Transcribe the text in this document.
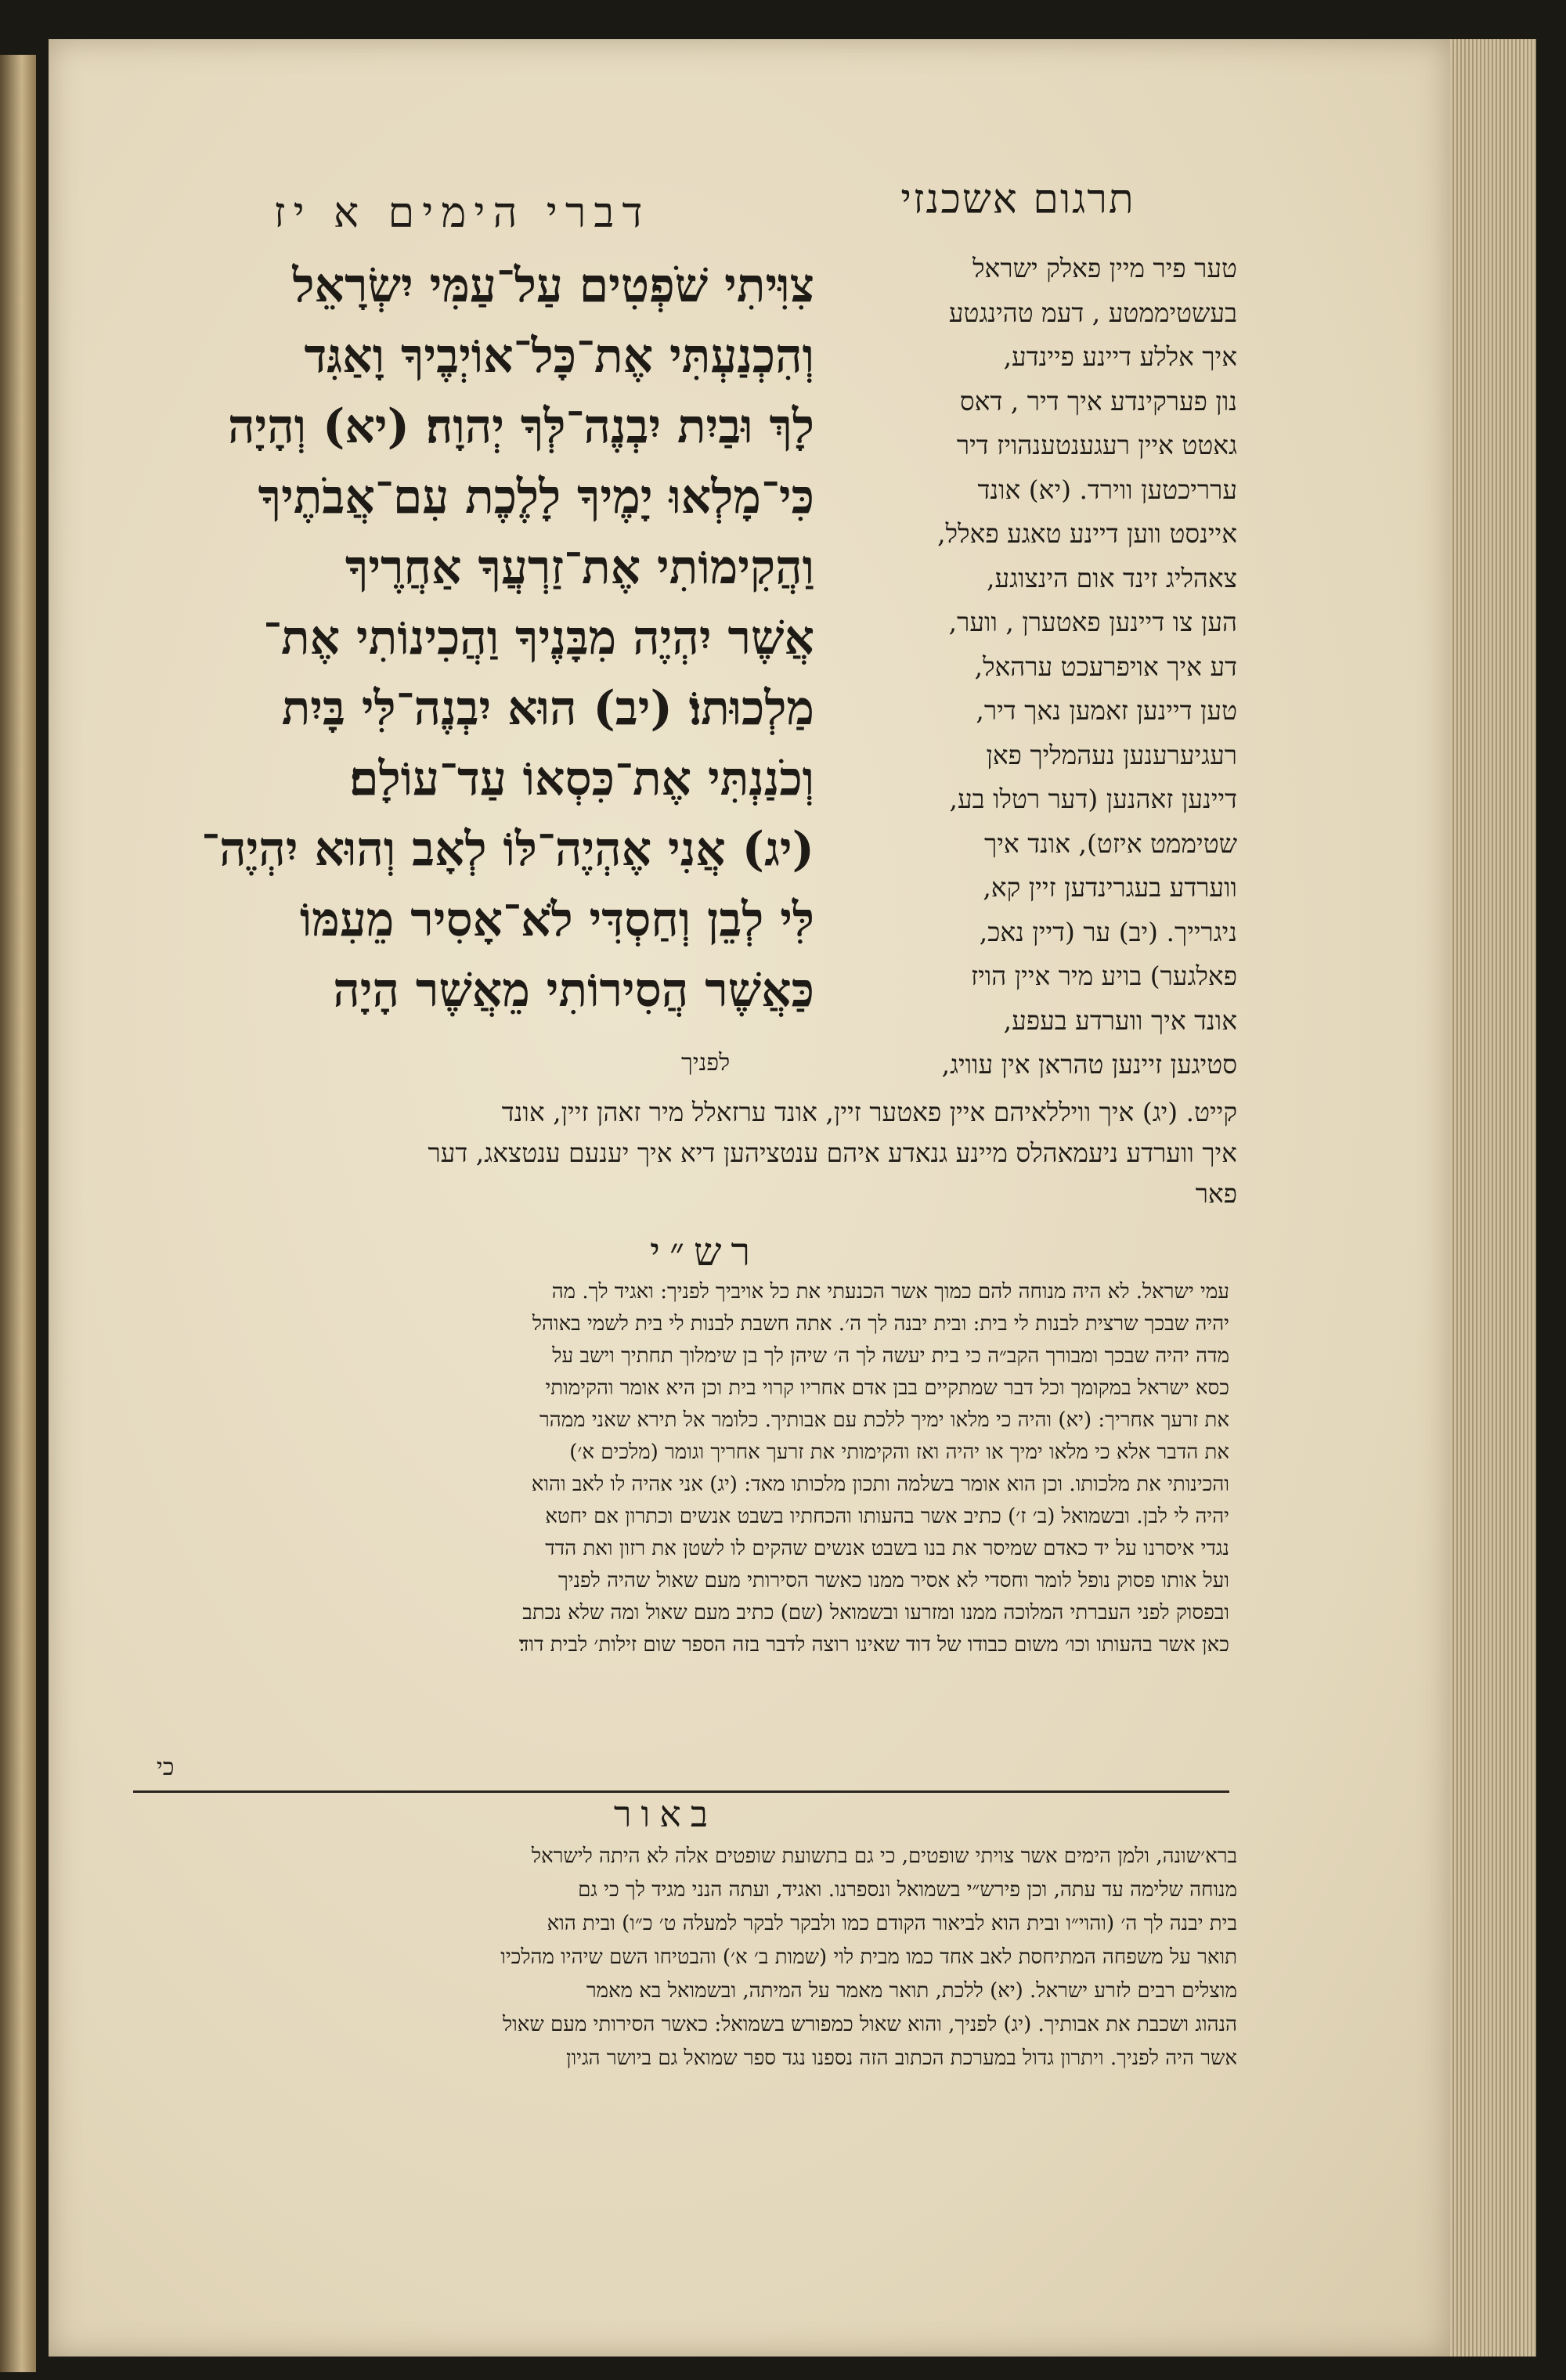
תרגום אשכנזי
דברי הימים א יז
צִוִּיתִי שֹׁפְטִים עַל־עַמִּי יִשְׂרָאֵל
וְהִכְנַעְתִּי אֶת־כָּל־אוֹיְבֶיךָ וָאַגִּד
לָךְ וּבַיִת יִבְנֶה־לְּךָ יְהוָה׃ (יא) וְהָיָה
כִּי־מָלְאוּ יָמֶיךָ לָלֶכֶת עִם־אֲבֹתֶיךָ
וַהֲקִימוֹתִי אֶת־זַרְעֲךָ אַחֲרֶיךָ
אֲשֶׁר יִהְיֶה מִבָּנֶיךָ וַהֲכִינוֹתִי אֶת־
מַלְכוּתוֹ׃ (יב) הוּא יִבְנֶה־לִּי בָּיִת
וְכֹנַנְתִּי אֶת־כִּסְאוֹ עַד־עוֹלָם׃
(יג) אֲנִי אֶהְיֶה־לּוֹ לְאָב וְהוּא יִהְיֶה־
לִּי לְבֵן וְחַסְדִּי לֹא־אָסִיר מֵעִמּוֹ
כַּאֲשֶׁר הֲסִירוֹתִי מֵאֲשֶׁר הָיָה
לפניך
טער פיר מיין פאלק ישראל
בעשטיממטע , דעמ טהינגטע
איך אללע דיינע פיינדע,
נון פערקינדע איך דיר , דאס
גאטט איין רעגענטענהויז דיר
ערריכטען ווירד. (יא) אונד
איינסט ווען דיינע טאגע פאלל,
צאהליג זינד אום הינצוגע,
הען צו דיינען פאטערן , ווער,
דע איך אויפרעכט ערהאל,
טען דיינען זאמען נאך דיר,
רעגיערענען נעהמליך פאן
דיינען זאהנען (דער רטלו בע,
שטיממט איזט), אונד איך
ווערדע בעגרינדען זיין קא,
ניגרייך. (יב) ער (דיין נאכ,
פאלגער) בויע מיר איין הויז
אונד איך ווערדע בעפע,
סטיגען זיינען טהראן אין עוויג,
קייט. (יג) איך וויללאיהם איין פאטער זיין, אונד ערזאלל מיר זאהן זיין, אונד
איך ווערדע ניעמאהלס מיינע גנאדע איהם ענטציהען דיא איך יענעם ענטצאג, דער
פאר
רש״י
עמי ישראל. לא היה מנוחה להם כמוך אשר הכנעתי את כל אויביך לפניך: ואגיד לך. מה
יהיה שבכך שרצית לבנות לי בית: ובית יבנה לך ה׳. אתה חשבת לבנות לי בית לשמי באוהל
מדה יהיה שבכך ומבורך הקב״ה כי בית יעשה לך ה׳ שיהן לך בן שימלוך תחתיך וישב על
כסא ישראל במקומך וכל דבר שמתקיים בבן אדם אחריו קרוי בית וכן היא אומר והקימותי
את זרעך אחריך: (יא) והיה כי מלאו ימיך ללכת עם אבותיך. כלומר אל תירא שאני ממהר
את הדבר אלא כי מלאו ימיך או יהיה ואז והקימותי את זרעך אחריך וגומר (מלכים א׳)
והכינותי את מלכותו. וכן הוא אומר בשלמה ותכון מלכותו מאד: (יג) אני אהיה לו לאב והוא
יהיה לי לבן. ובשמואל (ב׳ ז׳) כתיב אשר בהעותו והכחתיו בשבט אנשים וכתרון אם יחטא
נגדי איסרנו על יד כאדם שמיסר את בנו בשבט אנשים שהקים לו לשטן את רזון ואת הדד
ועל אותו פסוק נופל לומר וחסדי לא אסיר ממנו כאשר הסירותי מעם שאול שהיה לפניך
ובפסוק לפני העברתי המלוכה ממנו ומזרעו ובשמואל (שם) כתיב מעם שאול ומה שלא נכתב
כאן אשר בהעותו וכו׳ משום כבודו של דוד שאינו רוצה לדבר בזה הספר שום זילות׳ לבית דוד׃
כי
באור
ברא׳שונה, ולמן הימים אשר צויתי שופטים, כי גם בתשועת שופטים אלה לא היתה לישראל
מנוחה שלימה עד עתה, וכן פירש״י בשמואל ונספרנו. ואגיד, ועתה הנני מגיד לך כי גם
בית יבנה לך ה׳ (והוי״ו ובית הוא לביאור הקודם כמו ולבקר לבקר למעלה ט׳ כ״ו) ובית הוא
תואר על משפחה המתיחסת לאב אחד כמו מבית לוי (שמות ב׳ א׳) והבטיחו השם שיהיו מהלכיו
מוצלים רבים לזרע ישראל. (יא) ללכת, תואר מאמר על המיתה, ובשמואל בא מאמר
הנהוג ושכבת את אבותיך. (יג) לפניך, והוא שאול כמפורש בשמואל: כאשר הסירותי מעם שאול
אשר היה לפניך. ויתרון גדול במערכת הכתוב הזה נספנו נגד ספר שמואל גם ביושר הגיון
